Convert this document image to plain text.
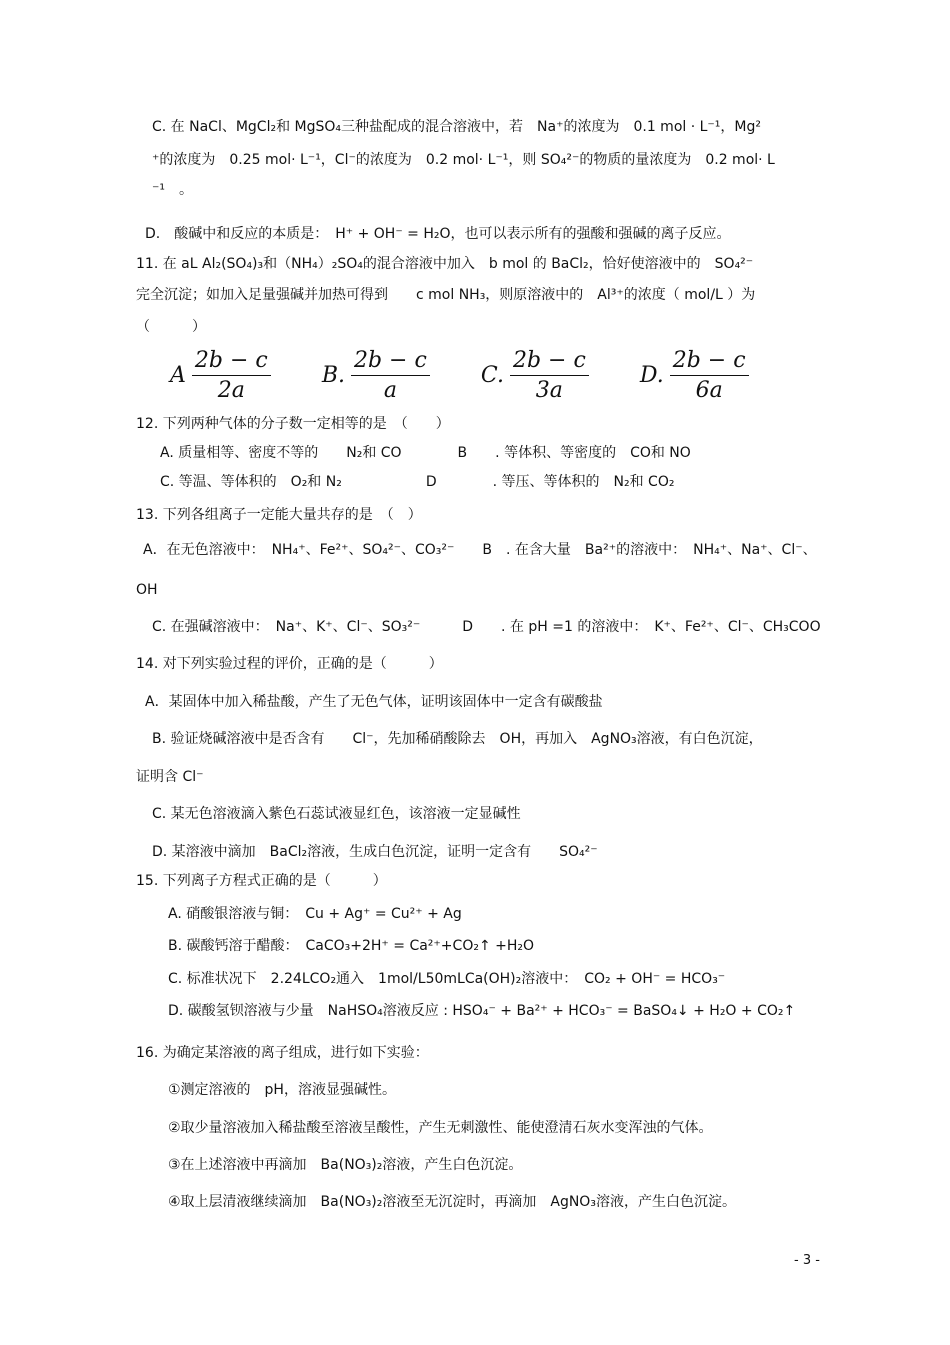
C. 在 NaCl、MgCl₂和 MgSO₄三种盐配成的混合溶液中，若　Na⁺的浓度为　0.1 mol · L⁻¹，Mg²
⁺的浓度为　0.25 mol· L⁻¹，Cl⁻的浓度为　0.2 mol· L⁻¹，则 SO₄²⁻的物质的量浓度为　0.2 mol· L
⁻¹　。
D.　酸碱中和反应的本质是：　H⁺ + OH⁻ = H₂O，也可以表示所有的强酸和强碱的离子反应。
11. 在 aL Al₂(SO₄)₃和（NH₄）₂SO₄的混合溶液中加入　b mol 的 BaCl₂，恰好使溶液中的　SO₄²⁻
完全沉淀；如加入足量强碱并加热可得到　　c mol NH₃，则原溶液中的　Al³⁺的浓度（ mol/L ）为
（　　　）
A $\frac{2b - c}{2a} B$. $\frac{2b - c}{a} C$. $\frac{2b - c}{3a} D$. $\frac{2b - c}{6a}$
12. 下列两种气体的分子数一定相等的是　（　　）
A. 质量相等、密度不等的　　N₂和 CO　　　　B　　. 等体积、等密度的　CO和 NO
C. 等温、等体积的　O₂和 N₂　　　　　　D　　　　. 等压、等体积的　N₂和 CO₂
13. 下列各组离子一定能大量共存的是　（　）
A．在无色溶液中：　NH₄⁺、Fe²⁺、SO₄²⁻、CO₃²⁻　　B　. 在含大量　Ba²⁺的溶液中：　NH₄⁺、Na⁺、Cl⁻、
OH
C. 在强碱溶液中：　Na⁺、K⁺、Cl⁻、SO₃²⁻　　　D　　. 在 pH =1 的溶液中：　K⁺、Fe²⁺、Cl⁻、CH₃COO
14. 对下列实验过程的评价，正确的是（　　　）
A．某固体中加入稀盐酸，产生了无色气体，证明该固体中一定含有碳酸盐
B. 验证烧碱溶液中是否含有　　Cl⁻，先加稀硝酸除去　OH，再加入　AgNO₃溶液，有白色沉淀，
证明含 Cl⁻
C. 某无色溶液滴入紫色石蕊试液显红色，该溶液一定显碱性
D. 某溶液中滴加　BaCl₂溶液，生成白色沉淀，证明一定含有　　SO₄²⁻
15. 下列离子方程式正确的是（　　　）
A. 硝酸银溶液与铜：　Cu + Ag⁺ = Cu²⁺ + Ag
B. 碳酸钙溶于醋酸：　CaCO₃+2H⁺ = Ca²⁺+CO₂↑ +H₂O
C. 标准状况下　2.24LCO₂通入　1mol/L50mLCa(OH)₂溶液中：　CO₂ + OH⁻ = HCO₃⁻
D. 碳酸氢钡溶液与少量　NaHSO₄溶液反应 : HSO₄⁻ + Ba²⁺ + HCO₃⁻ = BaSO₄↓ + H₂O + CO₂↑
16. 为确定某溶液的离子组成，进行如下实验：
①测定溶液的　pH，溶液显强碱性。
②取少量溶液加入稀盐酸至溶液呈酸性，产生无刺激性、能使澄清石灰水变浑浊的气体。
③在上述溶液中再滴加　Ba(NO₃)₂溶液，产生白色沉淀。
④取上层清液继续滴加　Ba(NO₃)₂溶液至无沉淀时，再滴加　AgNO₃溶液，产生白色沉淀。
- 3 -
